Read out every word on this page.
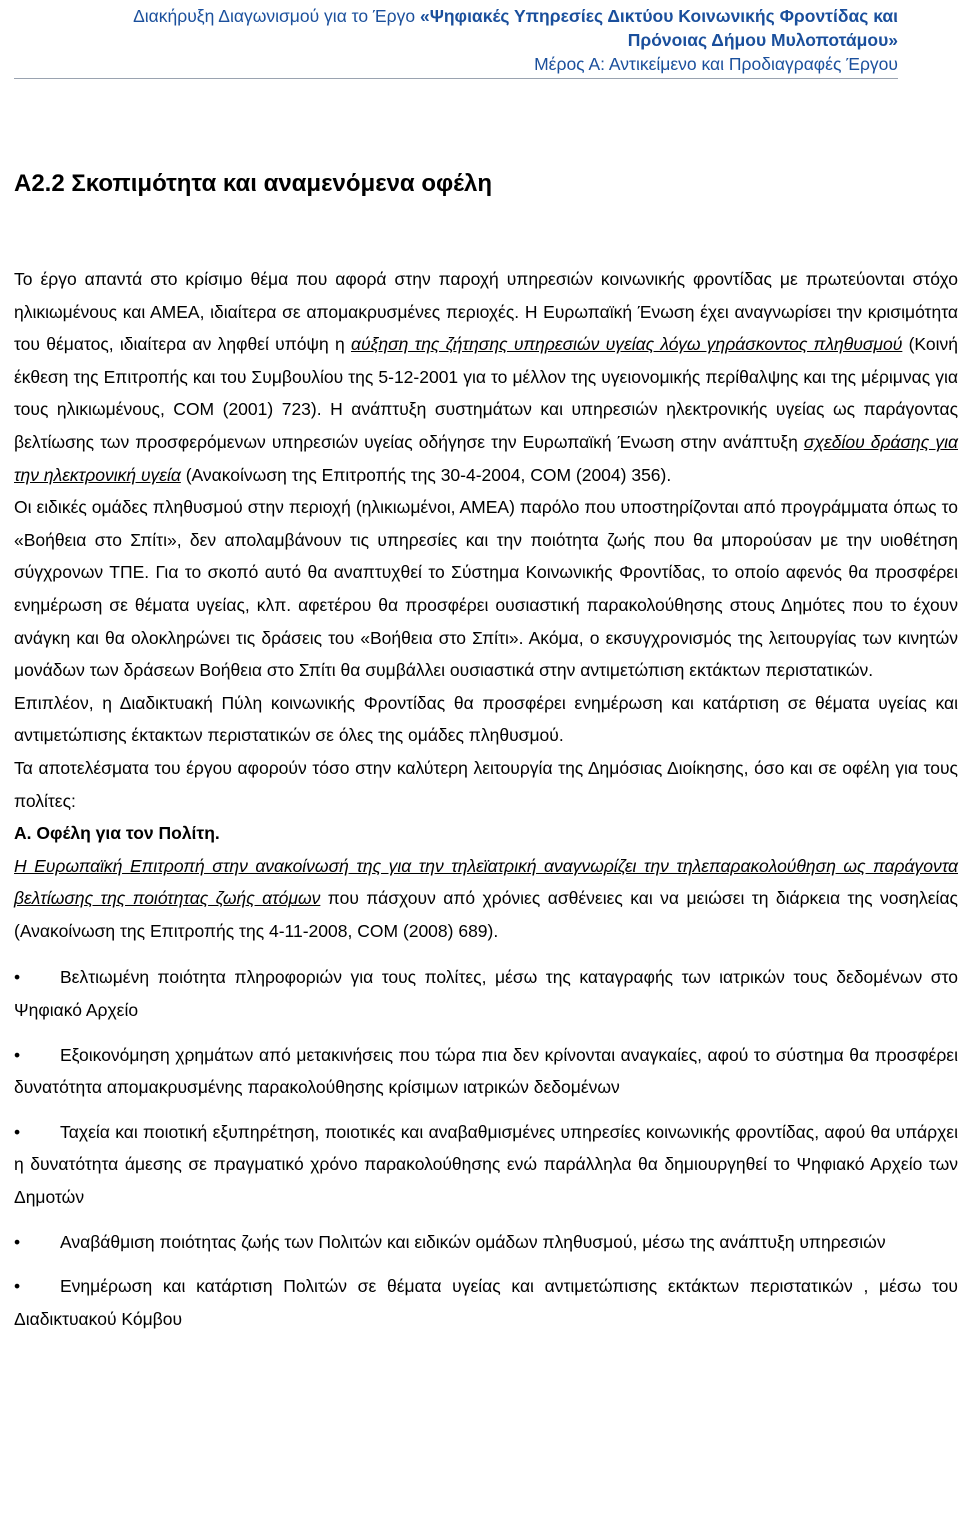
Διακήρυξη Διαγωνισμού για το Έργο «Ψηφιακές Υπηρεσίες Δικτύου Κοινωνικής Φροντίδας και
Πρόνοιας Δήμου Μυλοποτάμου»
Μέρος Α: Αντικείμενο και Προδιαγραφές Έργου
Α2.2 Σκοπιμότητα και αναμενόμενα οφέλη

Το έργο απαντά στο κρίσιμο θέμα που αφορά στην παροχή υπηρεσιών κοινωνικής φροντίδας με πρωτεύονται στόχο ηλικιωμένους και ΑΜΕΑ, ιδιαίτερα σε απομακρυσμένες περιοχές. Η Ευρωπαϊκή Ένωση έχει αναγνωρίσει την κρισιμότητα του θέματος, ιδιαίτερα αν ληφθεί υπόψη η αύξηση της ζήτησης υπηρεσιών υγείας λόγω γηράσκοντος πληθυσμού (Κοινή έκθεση της Επιτροπής και του Συμβουλίου της 5-12-2001 για το μέλλον της υγειονομικής περίθαλψης και της μέριμνας για τους ηλικιωμένους, COM (2001) 723). Η ανάπτυξη συστημάτων και υπηρεσιών ηλεκτρονικής υγείας ως παράγοντας βελτίωσης των προσφερόμενων υπηρεσιών υγείας οδήγησε την Ευρωπαϊκή Ένωση στην ανάπτυξη σχεδίου δράσης για την ηλεκτρονική υγεία (Ανακοίνωση της Επιτροπής της 30-4-2004, COM (2004) 356).

Οι ειδικές ομάδες πληθυσμού στην περιοχή (ηλικιωμένοι, ΑΜΕΑ) παρόλο που υποστηρίζονται από προγράμματα όπως το «Βοήθεια στο Σπίτι», δεν απολαμβάνουν τις υπηρεσίες και την ποιότητα ζωής που θα μπορούσαν με την υιοθέτηση σύγχρονων ΤΠΕ. Για το σκοπό αυτό θα αναπτυχθεί το Σύστημα Κοινωνικής Φροντίδας, το οποίο αφενός θα προσφέρει ενημέρωση σε θέματα υγείας, κλπ. αφετέρου θα προσφέρει ουσιαστική παρακολούθησης στους Δημότες που το έχουν ανάγκη και θα ολοκληρώνει τις δράσεις του «Βοήθεια στο Σπίτι». Ακόμα, ο εκσυγχρονισμός της λειτουργίας των κινητών μονάδων των δράσεων Βοήθεια στο Σπίτι θα συμβάλλει ουσιαστικά στην αντιμετώπιση εκτάκτων περιστατικών.

Επιπλέον, η Διαδικτυακή Πύλη κοινωνικής Φροντίδας θα προσφέρει ενημέρωση και κατάρτιση σε θέματα υγείας και αντιμετώπισης έκτακτων περιστατικών σε όλες της ομάδες πληθυσμού.

Τα αποτελέσματα του έργου αφορούν τόσο στην καλύτερη λειτουργία της Δημόσιας Διοίκησης, όσο και σε οφέλη για τους πολίτες:

Α. Οφέλη για τον Πολίτη.

Η Ευρωπαϊκή Επιτροπή στην ανακοίνωσή της για την τηλεϊατρική αναγνωρίζει την τηλεπαρακολούθηση ως παράγοντα βελτίωσης της ποιότητας ζωής ατόμων που πάσχουν από χρόνιες ασθένειες και να μειώσει τη διάρκεια της νοσηλείας (Ανακοίνωση της Επιτροπής της 4-11-2008, COM (2008) 689).

•	Βελτιωμένη ποιότητα πληροφοριών για τους πολίτες, μέσω της καταγραφής των ιατρικών τους δεδομένων στο Ψηφιακό Αρχείο
•	Εξοικονόμηση χρημάτων από μετακινήσεις που τώρα πια δεν κρίνονται αναγκαίες, αφού το σύστημα θα προσφέρει δυνατότητα απομακρυσμένης παρακολούθησης κρίσιμων ιατρικών δεδομένων
•	Ταχεία και ποιοτική εξυπηρέτηση, ποιοτικές και αναβαθμισμένες υπηρεσίες κοινωνικής φροντίδας, αφού θα υπάρχει η δυνατότητα άμεσης σε πραγματικό χρόνο παρακολούθησης ενώ παράλληλα θα δημιουργηθεί το Ψηφιακό Αρχείο των Δημοτών
•	Αναβάθμιση ποιότητας ζωής των Πολιτών και ειδικών ομάδων πληθυσμού, μέσω της ανάπτυξη υπηρεσιών
•	Ενημέρωση και κατάρτιση Πολιτών σε θέματα υγείας και αντιμετώπισης εκτάκτων περιστατικών , μέσω του Διαδικτυακού Κόμβου
